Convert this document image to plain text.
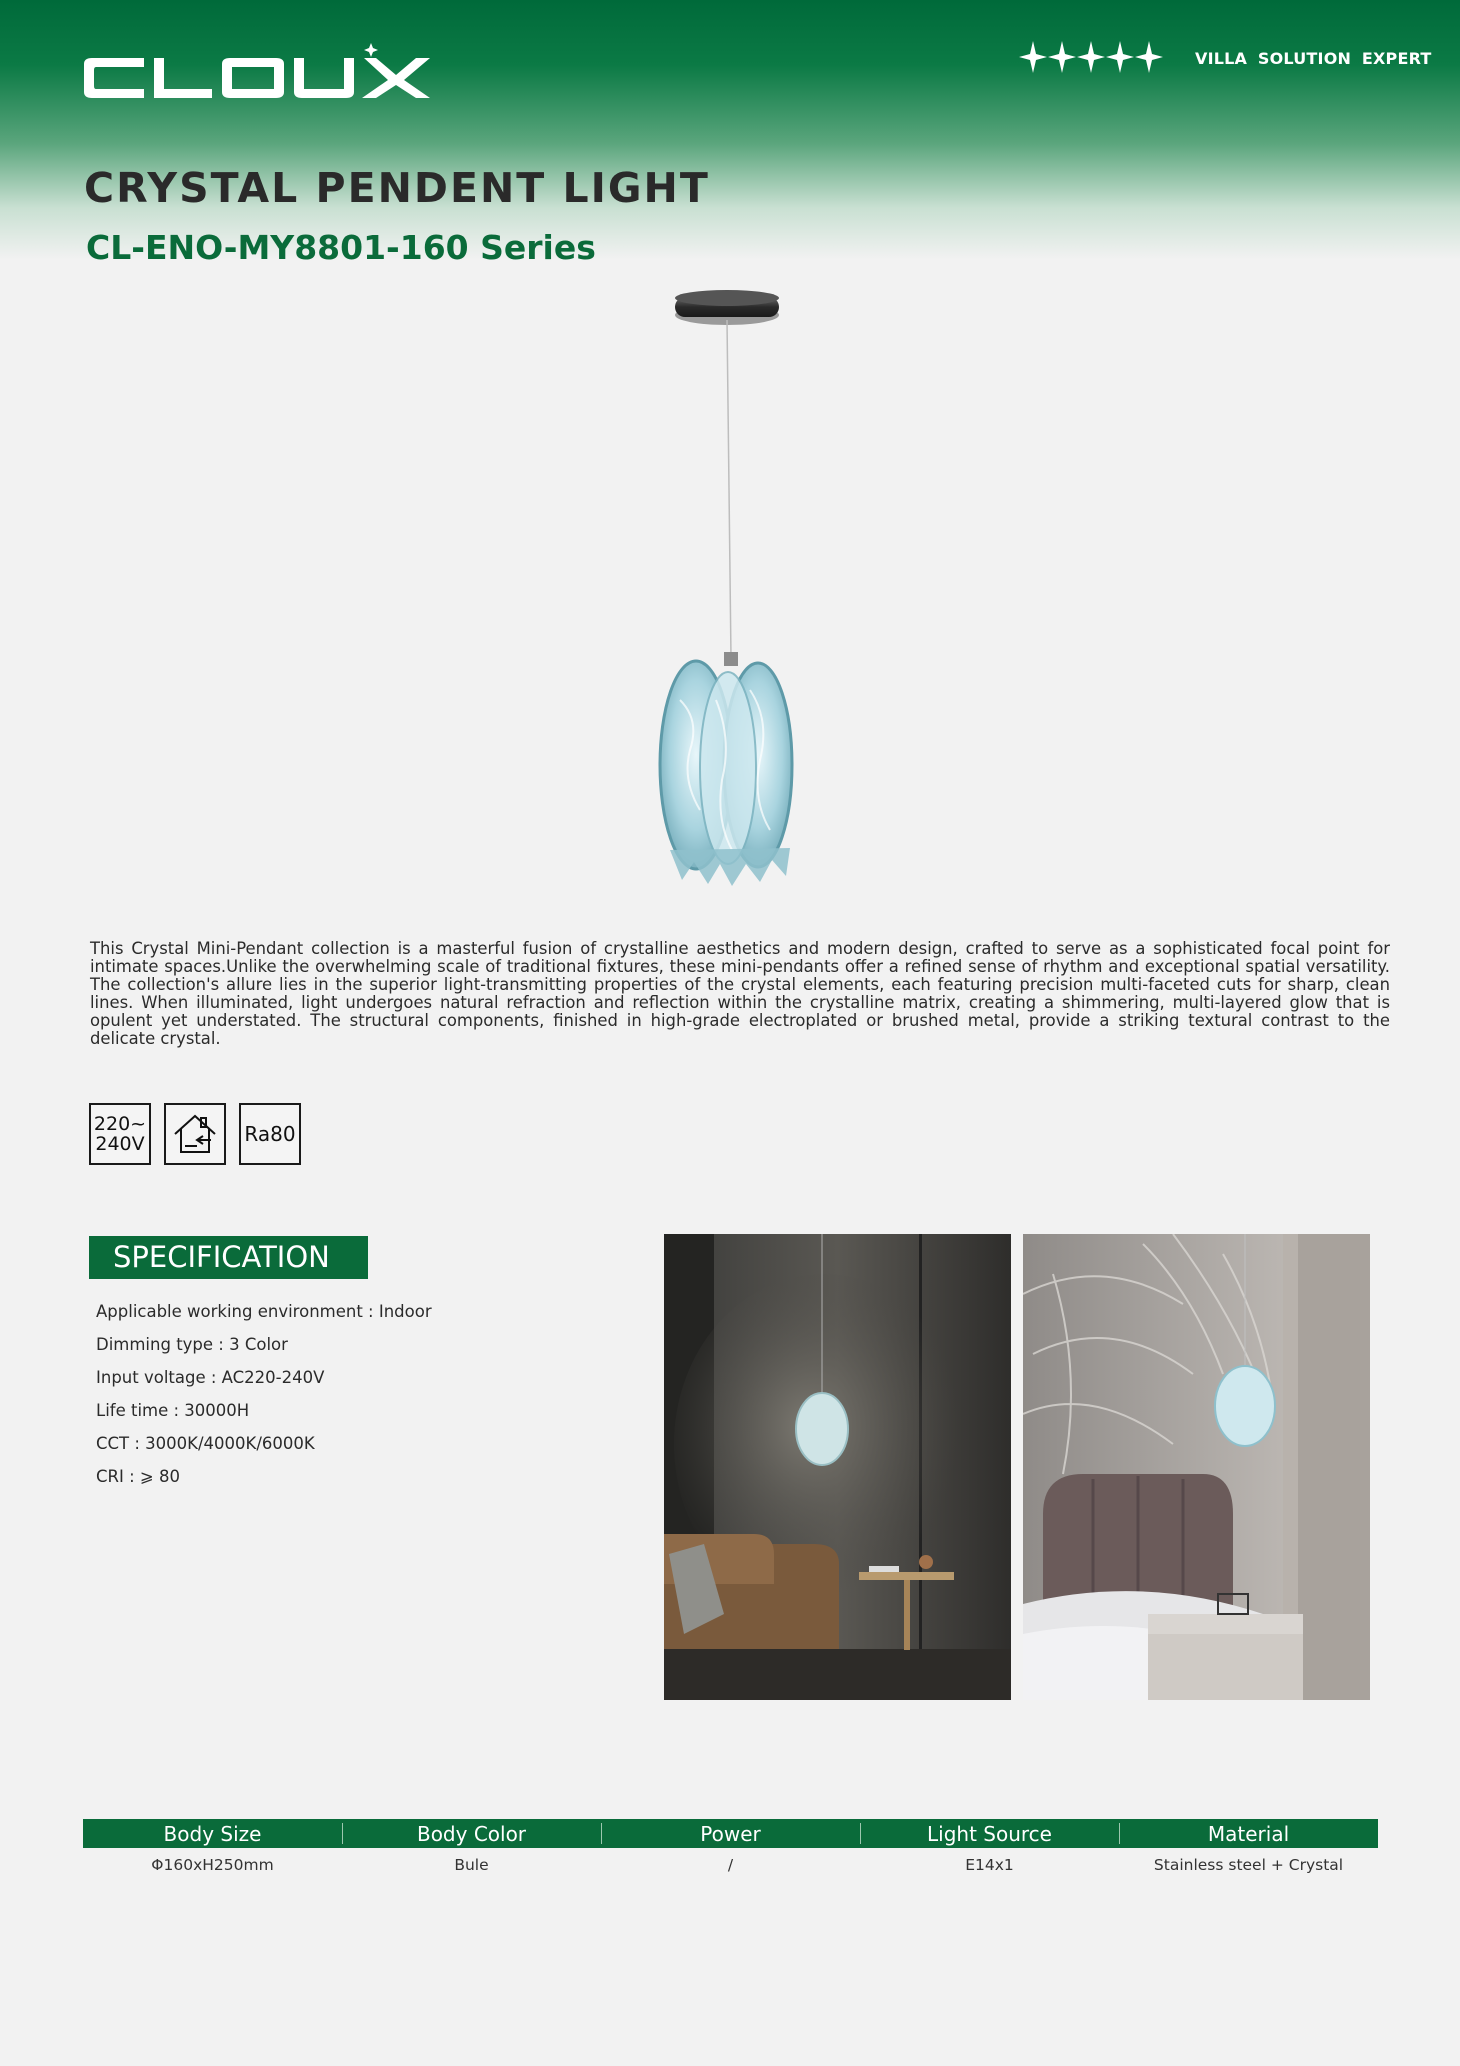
VILLA SOLUTION EXPERT
CRYSTAL PENDENT LIGHT
CL-ENO-MY8801-160 Series

This Crystal Mini-Pendant collection is a masterful fusion of crystalline aesthetics and modern design, crafted to serve as a sophisticated focal point for intimate spaces.Unlike the overwhelming scale of traditional fixtures, these mini-pendants offer a refined sense of rhythm and exceptional spatial versatility. The collection's allure lies in the superior light-transmitting properties of the crystal elements, each featuring precision multi-faceted cuts for sharp, clean lines. When illuminated, light undergoes natural refraction and reflection within the crystalline matrix, creating a shimmering, multi-layered glow that is opulent yet understated. The structural components, finished in high-grade electroplated or brushed metal, provide a striking textural contrast to the delicate crystal.

220~
240V	Ra80
SPECIFICATION
Applicable working environment : Indoor
Dimming type : 3 Color
Input voltage : AC220-240V
Life time : 30000H
CCT : 3000K/4000K/6000K
CRI : ⩾ 80
Body Size	Body Color	Power	Light Source	Material
Φ160xH250mm	Bule	/	E14x1	Stainless steel + Crystal
